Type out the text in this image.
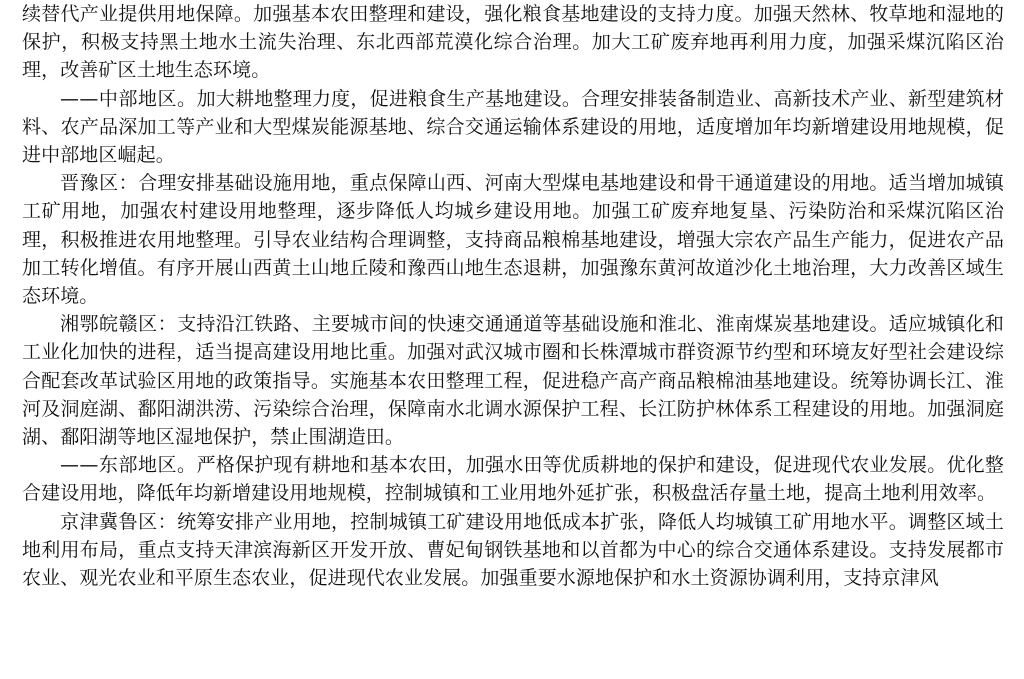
续替代产业提供用地保障。加强基本农田整理和建设，强化粮食基地建设的支持力度。加强天然林、牧草地和湿地的保护，积极支持黑土地水土流失治理、东北西部荒漠化综合治理。加大工矿废弃地再利用力度，加强采煤沉陷区治理，改善矿区土地生态环境。

——中部地区。加大耕地整理力度，促进粮食生产基地建设。合理安排装备制造业、高新技术产业、新型建筑材料、农产品深加工等产业和大型煤炭能源基地、综合交通运输体系建设的用地，适度增加年均新增建设用地规模，促进中部地区崛起。

晋豫区：合理安排基础设施用地，重点保障山西、河南大型煤电基地建设和骨干通道建设的用地。适当增加城镇工矿用地，加强农村建设用地整理，逐步降低人均城乡建设用地。加强工矿废弃地复垦、污染防治和采煤沉陷区治理，积极推进农用地整理。引导农业结构合理调整，支持商品粮棉基地建设，增强大宗农产品生产能力，促进农产品加工转化增值。有序开展山西黄土山地丘陵和豫西山地生态退耕，加强豫东黄河故道沙化土地治理，大力改善区域生态环境。

湘鄂皖赣区：支持沿江铁路、主要城市间的快速交通通道等基础设施和淮北、淮南煤炭基地建设。适应城镇化和工业化加快的进程，适当提高建设用地比重。加强对武汉城市圈和长株潭城市群资源节约型和环境友好型社会建设综合配套改革试验区用地的政策指导。实施基本农田整理工程，促进稳产高产商品粮棉油基地建设。统筹协调长江、淮河及洞庭湖、鄱阳湖洪涝、污染综合治理，保障南水北调水源保护工程、长江防护林体系工程建设的用地。加强洞庭湖、鄱阳湖等地区湿地保护，禁止围湖造田。

——东部地区。严格保护现有耕地和基本农田，加强水田等优质耕地的保护和建设，促进现代农业发展。优化整合建设用地，降低年均新增建设用地规模，控制城镇和工业用地外延扩张，积极盘活存量土地，提高土地利用效率。

京津冀鲁区：统筹安排产业用地，控制城镇工矿建设用地低成本扩张，降低人均城镇工矿用地水平。调整区域土地利用布局，重点支持天津滨海新区开发开放、曹妃甸钢铁基地和以首都为中心的综合交通体系建设。支持发展都市农业、观光农业和平原生态农业，促进现代农业发展。加强重要水源地保护和水土资源协调利用，支持京津风
